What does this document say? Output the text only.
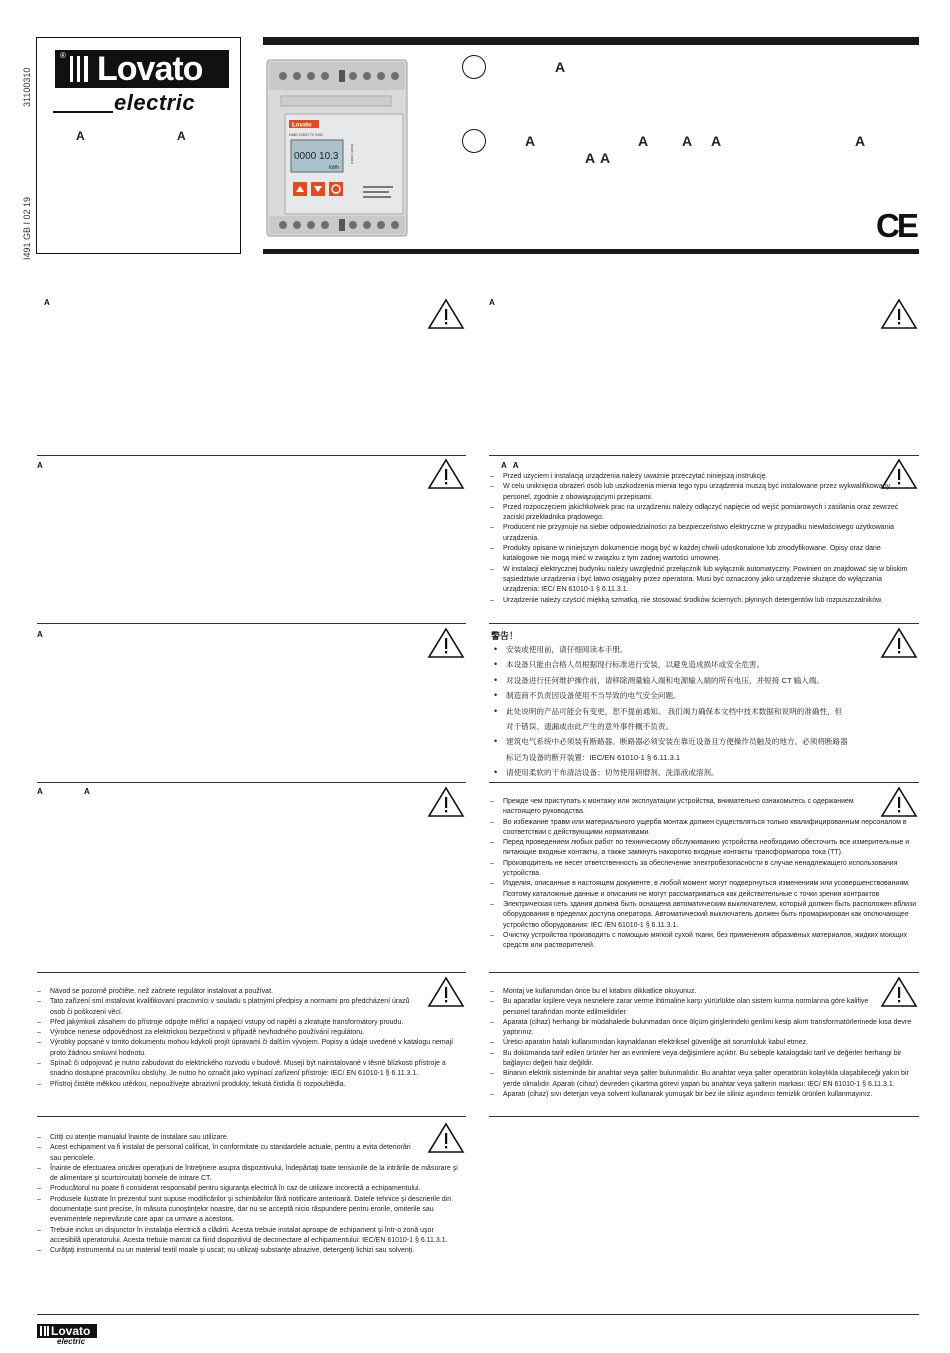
31100310
I491 GB I 02 19
® Lovato
electric
A	A
Lovato
DME D300 T2 MID
0000 10.3
kWh
kvarh rated
A
A	A A A	A
A A
CE
A	A
A	AA
– Przed użyciem i instalacją urządzenia należy uważnie przeczytać niniejszą instrukcję.
– W celu uniknięcia obrażeń osób lub uszkodzenia mienia tego typu urządzenia muszą być instalowane przez wykwalifikowany personel, zgodnie z obowiązującymi przepisami.
– Przed rozpoczęciem jakichkolwiek prac na urządzeniu należy odłączyć napięcie od wejść pomiarowych i zasilania oraz zewrzeć zaciski przekładnika prądowego.
– Producent nie przyjmuje na siebie odpowiedzialności za bezpieczeństwo elektryczne w przypadku niewłaściwego użytkowania urządzenia.
– Produkty opisane w niniejszym dokumencie mogą być w każdej chwili udoskonalone lub zmodyfikowane. Opisy oraz dane katalogowe nie mogą mieć w związku z tym żadnej wartości umownej.
– W instalacji elektrycznej budynku należy uwzględnić przełącznik lub wyłącznik automatyczny. Powinien on znajdować się w bliskim sąsiedztwie urządzenia i być łatwo osiągalny przez operatora. Musi być oznaczony jako urządzenie służące do wyłączania urządzenia: IEC/ EN 61010-1 § 6.11.3.1.
– Urządzenie należy czyścić miękką szmatką, nie stosować środków ściernych, płynnych detergentów lub rozpuszczalników.
A	警告！
• 安装或使用前，请仔细阅读本手册。
• 本设备只能由合格人员根据现行标准进行安装，以避免造成损坏或安全危害。
• 对设备进行任何维护操作前，请移除测量输入端和电源输入端的所有电压，并短接 CT 输入端。
• 制造商不负责因设备使用不当导致的电气安全问题。
• 此处说明的产品可能会有变更，恕不提前通知。 我们竭力确保本文档中技术数据和说明的准确性，但
对于错误、遗漏或由此产生的意外事件概不负责。
• 建筑电气系统中必须装有断路器。断路器必须安装在靠近设备且方便操作员触及的地方。必须将断路器
标记为设备的断开装置：IEC/EN 61010-1 § 6.11.3.1
• 请使用柔软的干布清洁设备；切勿使用研磨剂、洗涤液或溶剂。
A	A
– Прежде чем приступать к монтажу или эксплуатации устройства, внимательно ознакомьтесь с одержанием настоящего руководства.
– Во избежание травм или материального ущерба монтаж должен существляться только квалифицированным персоналом в соответствии с действующими нормативами.
– Перед проведением любых работ по техническому обслуживанию устройства необходимо обесточить все измерительные и питающие входные контакты, а также замкнуть накоротко входные контакты трансформатора тока (ТТ).
– Производитель не несет ответственность за обеспечение электробезопасности в случае ненадлежащего использования устройства.
– Изделия, описанные в настоящем документе, в любой момент могут подвергнуться изменениям или усовершенствованиям. Поэтому каталожные данные и описания не могут рассматриваться как действительные с точки зрения контрактов
– Электрическая сеть здания должна быть оснащена автоматическим выключателем, который должен быть расположен вблизи оборудования в пределах доступа оператора. Автоматический выключатель должен быть промаркирован как отключающее устройство оборудования: IEC /EN 61010-1 § 6.11.3.1.
– Очистку устройства производить с помощью мягкой сухой ткани, без применения абразивных материалов, жидких моющих средств или растворителей.
– Návod se pozorně pročtěte, než začnete regulátor instalovat a používat.
– Tato zařízení smí instalovat kvalifikovaní pracovníci v souladu s platnými předpisy a normami pro předcházení úrazů osob či poškození věcí.
– Před jakýmkoli zásahem do přístroje odpojte měřicí a napájecí vstupy od napětí a zkratujte transformátory proudu.
– Výrobce nenese odpovědnost za elektrickou bezpečnost v případě nevhodného používání regulátoru.
– Výrobky popsané v tomto dokumentu mohou kdykoli projít úpravami či dalším vývojem. Popisy a údaje uvedené v katalogu nemají proto žádnou smluvní hodnotu.
– Spínač či odpojovač je nutno zabudovat do elektrického rozvodu v budově. Musejí být nainstalované v těsné blízkosti přístroje a snadno dostupné pracovníku obsluhy. Je nutno ho označit jako vypínací zařízení přístroje: IEC/ EN 61010-1 § 6.11.3.1.
– Přístroj čistěte měkkou utěrkou, nepoužívejte abrazivní produkty, tekutá čistidla či rozpouštědla.
– Montaj ve kullanımdan önce bu el kitabını dikkatlice okuyunuz.
– Bu aparatlar kişilere veya nesnelere zarar verme ihtimaline karşı yürürlükte olan sistem kurma normlarına göre kalifiye personel tarafından monte edilmelidirler
– Aparata (cihaz) herhangi bir müdahalede bulunmadan önce ölçüm girişlerindeki gerilimi kesip akım transformatörlerinede kısa devre yaptırınız.
– Üretici aparatın hatalı kullanımından kaynaklanan elektriksel güvenliğe ait sorumluluk kabul etmez.
– Bu dokümanda tarif edilen ürünler her an evrimlere veya değişimlere açıktır. Bu sebeple katalogdaki tarif ve değerler herhangi bir bağlayıcı değeri haiz değildir.
– Binanın elektrik sisteminde bir anahtar veya şalter bulunmalıdır. Bu anahtar veya şalter operatörün kolaylıkla ulaşabileceği yakın bir yerde olmalıdır. Aparatı (cihaz) devreden çıkartma görevi yapan bu anahtar veya şalterin markası: IEC/ EN 61010-1 § 6.11.3.1.
– Aparatı (cihaz) sıvı deterjan veya solvent kullanarak yumuşak bir bez ile siliniz aşındırıcı temizlik ürünleri kullanmayınız.
– Citiţi cu atenţie manualul înainte de instalare sau utilizare.
– Acest echipament va fi instalat de personal calificat, în conformitate cu standardele actuale, pentru a evita deteriorări sau pericolele.
– Înainte de efectuarea oricărei operaţiuni de întreţinere asupra dispozitivului, îndepărtaţi toate tensiunile de la intrările de măsurare şi de alimentare şi scurtcircuitaţi bornele de intrare CT.
– Producătorul nu poate fi considerat responsabil pentru siguranţa electrică în caz de utilizare incorectă a echipamentului.
– Produsele ilustrate în prezentul sunt supuse modificărilor şi schimbărilor fără notificare anterioară. Datele tehnice şi descrierile din documentaţie sunt precise, în măsura cunoştinţelor noastre, dar nu se acceptă nicio răspundere pentru erorile, omiterile sau evenimentele neprevăzute care apar ca urmare a acestora.
– Trebuie inclus un disjunctor în instalaţia electrică a clădirii. Acesta trebuie instalat aproape de echipament şi într-o zonă uşor accesibilă operatorului. Acesta trebuie marcat ca fiind dispozitivul de deconectare al echipamentului: IEC/EN 61010-1 § 6.11.3.1.
– Curăţaţi instrumentul cu un material textil moale şi uscat; nu utilizaţi substanţe abrazive, detergenţi lichizi sau solvenţi.
Lovato
electric
